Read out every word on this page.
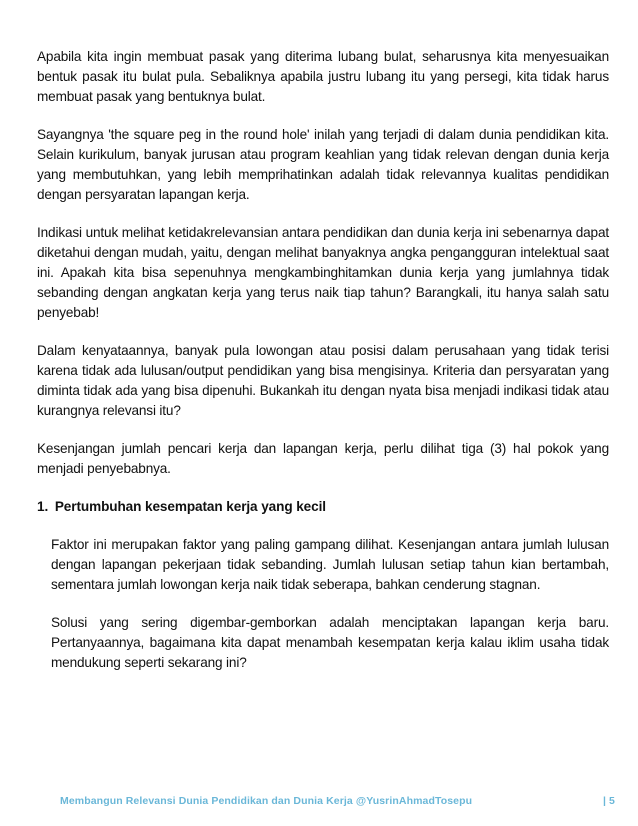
Apabila kita ingin membuat pasak yang diterima lubang bulat, seharusnya kita menyesuaikan bentuk pasak itu bulat pula. Sebaliknya apabila justru lubang itu yang persegi, kita tidak harus membuat pasak yang bentuknya bulat.

Sayangnya 'the square peg in the round hole' inilah yang terjadi di dalam dunia pendidikan kita. Selain kurikulum, banyak jurusan atau program keahlian yang tidak relevan dengan dunia kerja yang membutuhkan, yang lebih memprihatinkan adalah tidak relevannya kualitas pendidikan dengan persyaratan lapangan kerja.

Indikasi untuk melihat ketidakrelevansian antara pendidikan dan dunia kerja ini sebenarnya dapat diketahui dengan mudah, yaitu, dengan melihat banyaknya angka pengangguran intelektual saat ini. Apakah kita bisa sepenuhnya mengkambinghitamkan dunia kerja yang jumlahnya tidak sebanding dengan angkatan kerja yang terus naik tiap tahun? Barangkali, itu hanya salah satu penyebab!

Dalam kenyataannya, banyak pula lowongan atau posisi dalam perusahaan yang tidak terisi karena tidak ada lulusan/output pendidikan yang bisa mengisinya. Kriteria dan persyaratan yang diminta tidak ada yang bisa dipenuhi. Bukankah itu dengan nyata bisa menjadi indikasi tidak atau kurangnya relevansi itu?

Kesenjangan jumlah pencari kerja dan lapangan kerja, perlu dilihat tiga (3) hal pokok yang menjadi penyebabnya.

1. Pertumbuhan kesempatan kerja yang kecil

Faktor ini merupakan faktor yang paling gampang dilihat. Kesenjangan antara jumlah lulusan dengan lapangan pekerjaan tidak sebanding. Jumlah lulusan setiap tahun kian bertambah, sementara jumlah lowongan kerja naik tidak seberapa, bahkan cenderung stagnan.

Solusi yang sering digembar-gemborkan adalah menciptakan lapangan kerja baru. Pertanyaannya, bagaimana kita dapat menambah kesempatan kerja kalau iklim usaha tidak mendukung seperti sekarang ini?

Membangun Relevansi Dunia Pendidikan dan Dunia Kerja @YusrinAhmadTosepu	| 5
